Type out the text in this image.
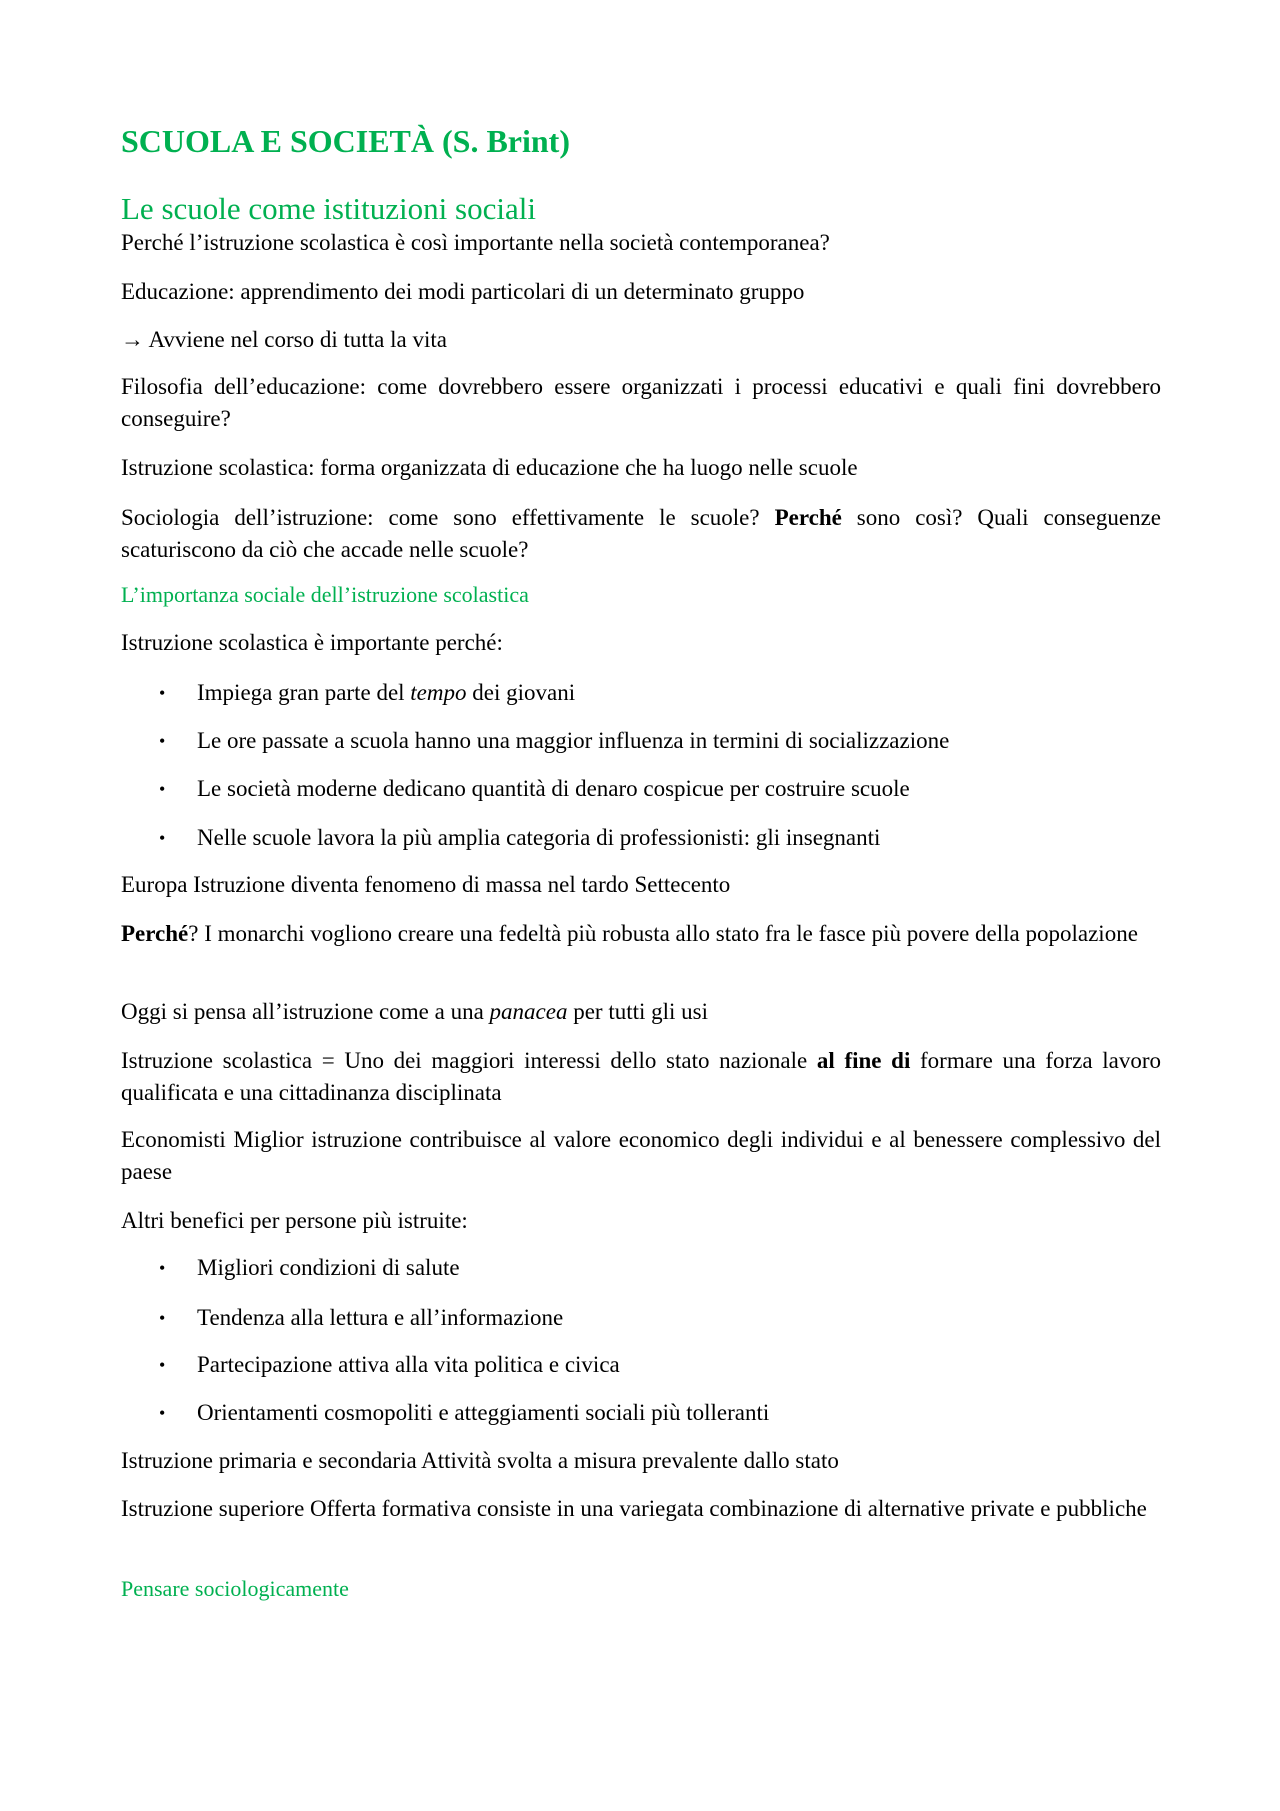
SCUOLA E SOCIETÀ (S. Brint)
Le scuole come istituzioni sociali

Perché l’istruzione scolastica è così importante nella società contemporanea?

Educazione: apprendimento dei modi particolari di un determinato gruppo

→ Avviene nel corso di tutta la vita

Filosofia dell’educazione: come dovrebbero essere organizzati i processi educativi e quali fini dovrebbero conseguire?

Istruzione scolastica: forma organizzata di educazione che ha luogo nelle scuole

Sociologia dell’istruzione: come sono effettivamente le scuole? Perché sono così? Quali conseguenze scaturiscono da ciò che accade nelle scuole?

L’importanza sociale dell’istruzione scolastica

Istruzione scolastica è importante perché:

• Impiega gran parte del tempo dei giovani
• Le ore passate a scuola hanno una maggior influenza in termini di socializzazione
• Le società moderne dedicano quantità di denaro cospicue per costruire scuole
• Nelle scuole lavora la più amplia categoria di professionisti: gli insegnanti

Europa Istruzione diventa fenomeno di massa nel tardo Settecento

Perché? I monarchi vogliono creare una fedeltà più robusta allo stato fra le fasce più povere della popolazione

Oggi si pensa all’istruzione come a una panacea per tutti gli usi

Istruzione scolastica = Uno dei maggiori interessi dello stato nazionale al fine di formare una forza lavoro qualificata e una cittadinanza disciplinata

Economisti Miglior istruzione contribuisce al valore economico degli individui e al benessere complessivo del paese

Altri benefici per persone più istruite:

• Migliori condizioni di salute
• Tendenza alla lettura e all’informazione
• Partecipazione attiva alla vita politica e civica
• Orientamenti cosmopoliti e atteggiamenti sociali più tolleranti

Istruzione primaria e secondaria Attività svolta a misura prevalente dallo stato

Istruzione superiore Offerta formativa consiste in una variegata combinazione di alternative private e pubbliche

Pensare sociologicamente
